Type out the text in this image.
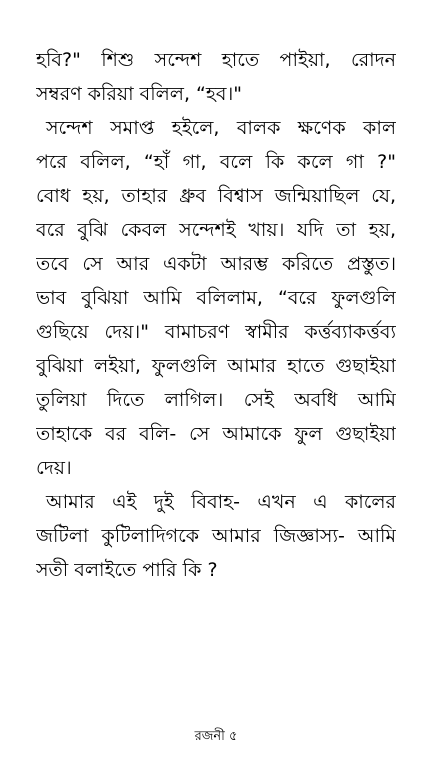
হবি?" শিশু সন্দেশ হাতে পাইয়া, রোদন
সম্বরণ করিয়া বলিল, “হব।"
সন্দেশ সমাপ্ত হইলে, বালক ক্ষণেক কাল
পরে বলিল, “হাঁ গা, বলে কি কলে গা ?"
বোধ হয়, তাহার ধ্রুব বিশ্বাস জন্মিয়াছিল যে,
বরে বুঝি কেবল সন্দেশই খায়। যদি তা হয়,
তবে সে আর একটা আরম্ভ করিতে প্রস্তুত।
ভাব বুঝিয়া আমি বলিলাম, “বরে ফুলগুলি
গুছিয়ে দেয়।" বামাচরণ স্বামীর কর্ত্তব্যাকর্ত্তব্য
বুঝিয়া লইয়া, ফুলগুলি আমার হাতে গুছাইয়া
তুলিয়া দিতে লাগিল। সেই অবধি আমি
তাহাকে বর বলি- সে আমাকে ফুল গুছাইয়া
দেয়।
আমার এই দুই বিবাহ- এখন এ কালের
জটিলা কুটিলাদিগকে আমার জিজ্ঞাস্য- আমি
সতী বলাইতে পারি কি ?
রজনী ৫
